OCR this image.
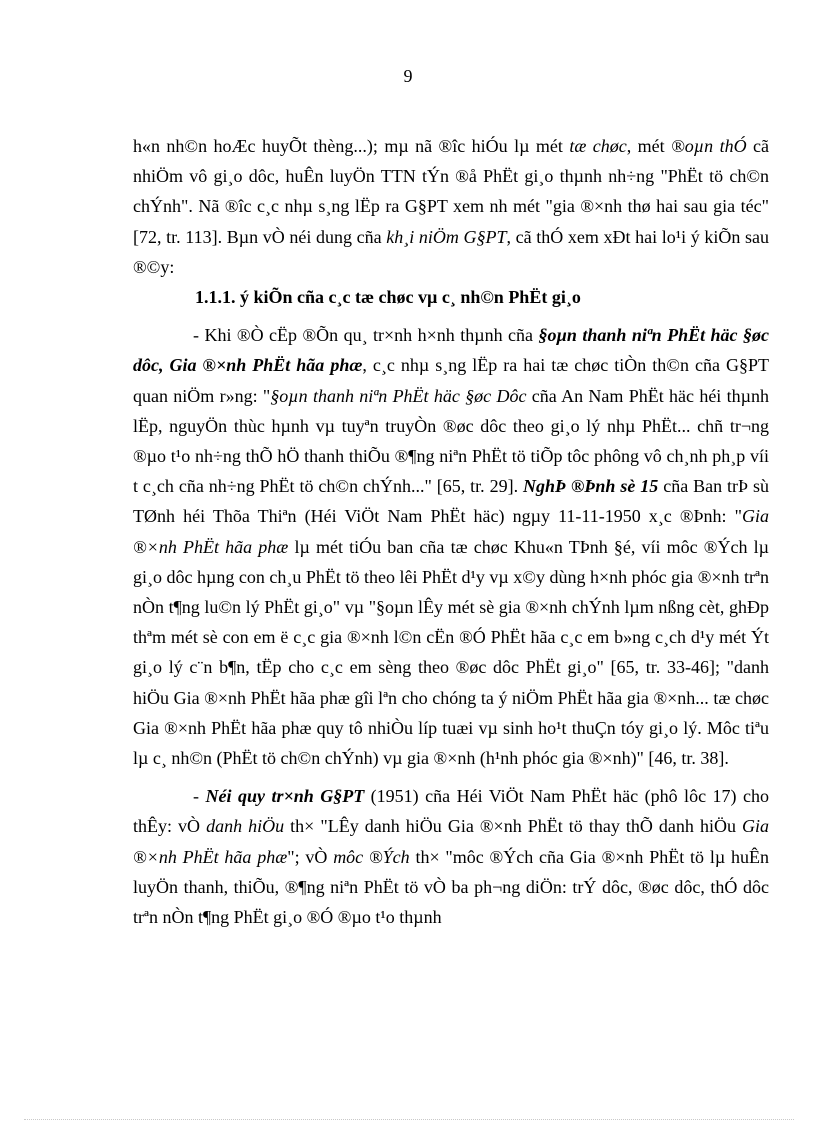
9

h«n nh©n hoÆc huyÕt thèng...); mµ nã ®îc hiÓu lµ mét tæ chøc, mét ®oµn thÓ cã nhiÖm vô gi¸o dôc, huÊn luyÖn TTN tÝn ®å PhËt gi¸o thµnh nh÷ng "PhËt tö ch©n chÝnh". Nã ®îc c¸c nhµ s¸ng lËp ra G§PT xem nh mét "gia ®×nh thø hai sau gia téc" [72, tr. 113]. Bµn vÒ néi dung cña kh¸i niÖm G§PT, cã thÓ xem xÐt hai lo¹i ý kiÕn sau ®©y:

1.1.1. ý kiÕn cña c¸c tæ chøc vµ c¸ nh©n PhËt gi¸o

- Khi ®Ò cËp ®Õn qu¸ tr×nh h×nh thµnh cña §oµn thanh niªn PhËt häc §øc dôc, Gia ®×nh PhËt hãa phæ, c¸c nhµ s¸ng lËp ra hai tæ chøc tiÒn th©n cña G§PT quan niÖm r»ng: "§oµn thanh niªn PhËt häc §øc Dôc cña An Nam PhËt häc héi thµnh lËp, nguyÖn thùc hµnh vµ tuyªn truyÒn ®øc dôc theo gi¸o lý nhµ PhËt... chñ tr¬ng ®µo t¹o nh÷ng thÕ hÖ thanh thiÕu ®¶ng niªn PhËt tö tiÕp tôc phông vô ch¸nh ph¸p víi t c¸ch cña nh÷ng PhËt tö ch©n chÝnh..." [65, tr. 29]. NghÞ ®Þnh sè 15 cña Ban trÞ sù TØnh héi Thõa Thiªn (Héi ViÖt Nam PhËt häc) ngµy 11-11-1950 x¸c ®Þnh: "Gia ®×nh PhËt hãa phæ lµ mét tiÓu ban cña tæ chøc Khu«n TÞnh §é, víi môc ®Ých lµ gi¸o dôc hµng con ch¸u PhËt tö theo lêi PhËt d¹y vµ x©y dùng h×nh phóc gia ®×nh trªn nÒn t¶ng lu©n lý PhËt gi¸o" vµ "§oµn lÊy mét sè gia ®×nh chÝnh lµm nßng cèt, ghÐp thªm mét sè con em ë c¸c gia ®×nh l©n cËn ®Ó PhËt hãa c¸c em b»ng c¸ch d¹y mét Ýt gi¸o lý c¨n b¶n, tËp cho c¸c em sèng theo ®øc dôc PhËt gi¸o" [65, tr. 33-46]; "danh hiÖu Gia ®×nh PhËt hãa phæ gîi lªn cho chóng ta ý niÖm PhËt hãa gia ®×nh... tæ chøc Gia ®×nh PhËt hãa phæ quy tô nhiÒu líp tuæi vµ sinh ho¹t thuÇn tóy gi¸o lý. Môc tiªu lµ c¸ nh©n (PhËt tö ch©n chÝnh) vµ gia ®×nh (h¹nh phóc gia ®×nh)" [46, tr. 38].

- Néi quy tr×nh G§PT (1951) cña Héi ViÖt Nam PhËt häc (phô lôc 17) cho thÊy: vÒ danh hiÖu th× "LÊy danh hiÖu Gia ®×nh PhËt tö thay thÕ danh hiÖu Gia ®×nh PhËt hãa phæ"; vÒ môc ®Ých th× "môc ®Ých cña Gia ®×nh PhËt tö lµ huÊn luyÖn thanh, thiÕu, ®¶ng niªn PhËt tö vÒ ba ph¬ng diÖn: trÝ dôc, ®øc dôc, thÓ dôc trªn nÒn t¶ng PhËt gi¸o ®Ó ®µo t¹o thµnh
